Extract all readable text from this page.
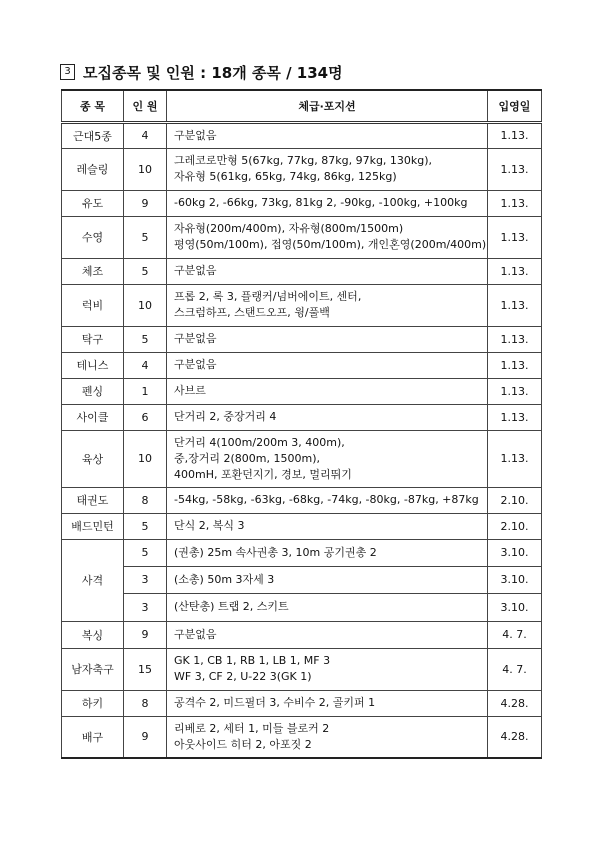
3 모집종목 및 인원 : 18개 종목 / 134명
종 목	인 원	체급·포지션	입영일
근대5종	4	구분없음	1.13.
레슬링	10	그레코로만형 5(67kg, 77kg, 87kg, 97kg, 130kg),
자유형 5(61kg, 65kg, 74kg, 86kg, 125kg)	1.13.
유도	9	-60kg 2, -66kg, 73kg, 81kg 2, -90kg, -100kg, +100kg	1.13.
수영	5	자유형(200m/400m), 자유형(800m/1500m)
평영(50m/100m), 접영(50m/100m), 개인혼영(200m/400m)	1.13.
체조	5	구분없음	1.13.
럭비	10	프롭 2, 록 3, 플랭커/넘버에이트, 센터,
스크럼하프, 스탠드오프, 윙/풀백	1.13.
탁구	5	구분없음	1.13.
테니스	4	구분없음	1.13.
펜싱	1	사브르	1.13.
사이클	6	단거리 2, 중장거리 4	1.13.
육상	10	단거리 4(100m/200m 3, 400m),
중,장거리 2(800m, 1500m),
400mH, 포환던지기, 경보, 멀리뛰기	1.13.
태권도	8	-54kg, -58kg, -63kg, -68kg, -74kg, -80kg, -87kg, +87kg	2.10.
배드민턴	5	단식 2, 복식 3	2.10.
사격	5	(권총) 25m 속사권총 3, 10m 공기권총 2	3.10.
	3	(소총) 50m 3자세 3	3.10.
	3	(산탄총) 트랩 2, 스키트	3.10.
복싱	9	구분없음	4. 7.
남자축구	15	GK 1, CB 1, RB 1, LB 1, MF 3
WF 3, CF 2, U-22 3(GK 1)	4. 7.
하키	8	공격수 2, 미드필더 3, 수비수 2, 골키퍼 1	4.28.
배구	9	리베로 2, 세터 1, 미들 블로커 2
아웃사이드 히터 2, 아포짓 2	4.28.
